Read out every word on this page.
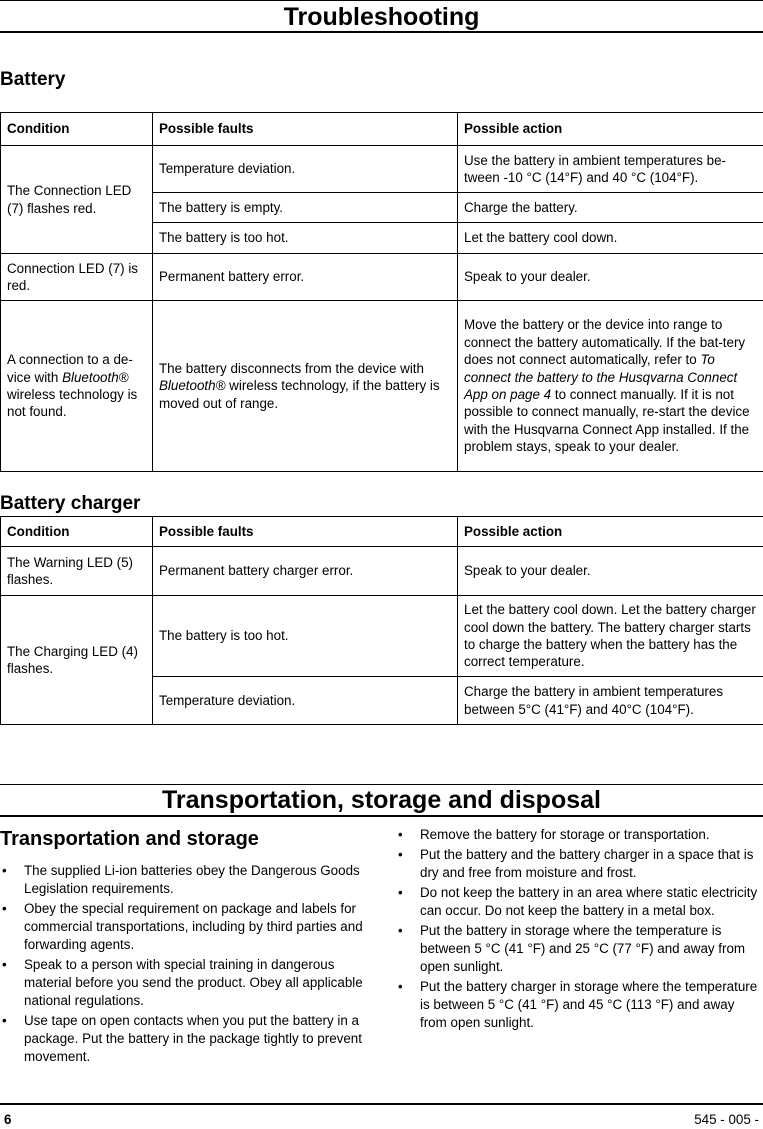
Troubleshooting
Battery
Condition	Possible faults	Possible action
The Connection LED (7) flashes red.	Temperature deviation.	Use the battery in ambient temperatures be-tween -10 °C (14°F) and 40 °C (104°F).
	The battery is empty.	Charge the battery.
	The battery is too hot.	Let the battery cool down.
Connection LED (7) is red.	Permanent battery error.	Speak to your dealer.
A connection to a de-vice with Bluetooth® wireless technology is not found.	The battery disconnects from the device with Bluetooth® wireless technology, if the battery is moved out of range.	Move the battery or the device into range to connect the battery automatically. If the bat-tery does not connect automatically, refer to To connect the battery to the Husqvarna Connect App on page 4 to connect manually. If it is not possible to connect manually, re-start the device with the Husqvarna Connect App installed. If the problem stays, speak to your dealer.
Battery charger
Condition	Possible faults	Possible action
The Warning LED (5) flashes.	Permanent battery charger error.	Speak to your dealer.
The Charging LED (4) flashes.	The battery is too hot.	Let the battery cool down. Let the battery charger cool down the battery. The battery charger starts to charge the battery when the battery has the correct temperature.
	Temperature deviation.	Charge the battery in ambient temperatures between 5°C (41°F) and 40°C (104°F).
Transportation, storage and disposal
Transportation and storage
• The supplied Li-ion batteries obey the Dangerous Goods Legislation requirements.
• Obey the special requirement on package and labels for commercial transportations, including by third parties and forwarding agents.
• Speak to a person with special training in dangerous material before you send the product. Obey all applicable national regulations.
• Use tape on open contacts when you put the battery in a package. Put the battery in the package tightly to prevent movement.
• Remove the battery for storage or transportation.
• Put the battery and the battery charger in a space that is dry and free from moisture and frost.
• Do not keep the battery in an area where static electricity can occur. Do not keep the battery in a metal box.
• Put the battery in storage where the temperature is between 5 °C (41 °F) and 25 °C (77 °F) and away from open sunlight.
• Put the battery charger in storage where the temperature is between 5 °C (41 °F) and 45 °C (113 °F) and away from open sunlight.
6	545 - 005 -
